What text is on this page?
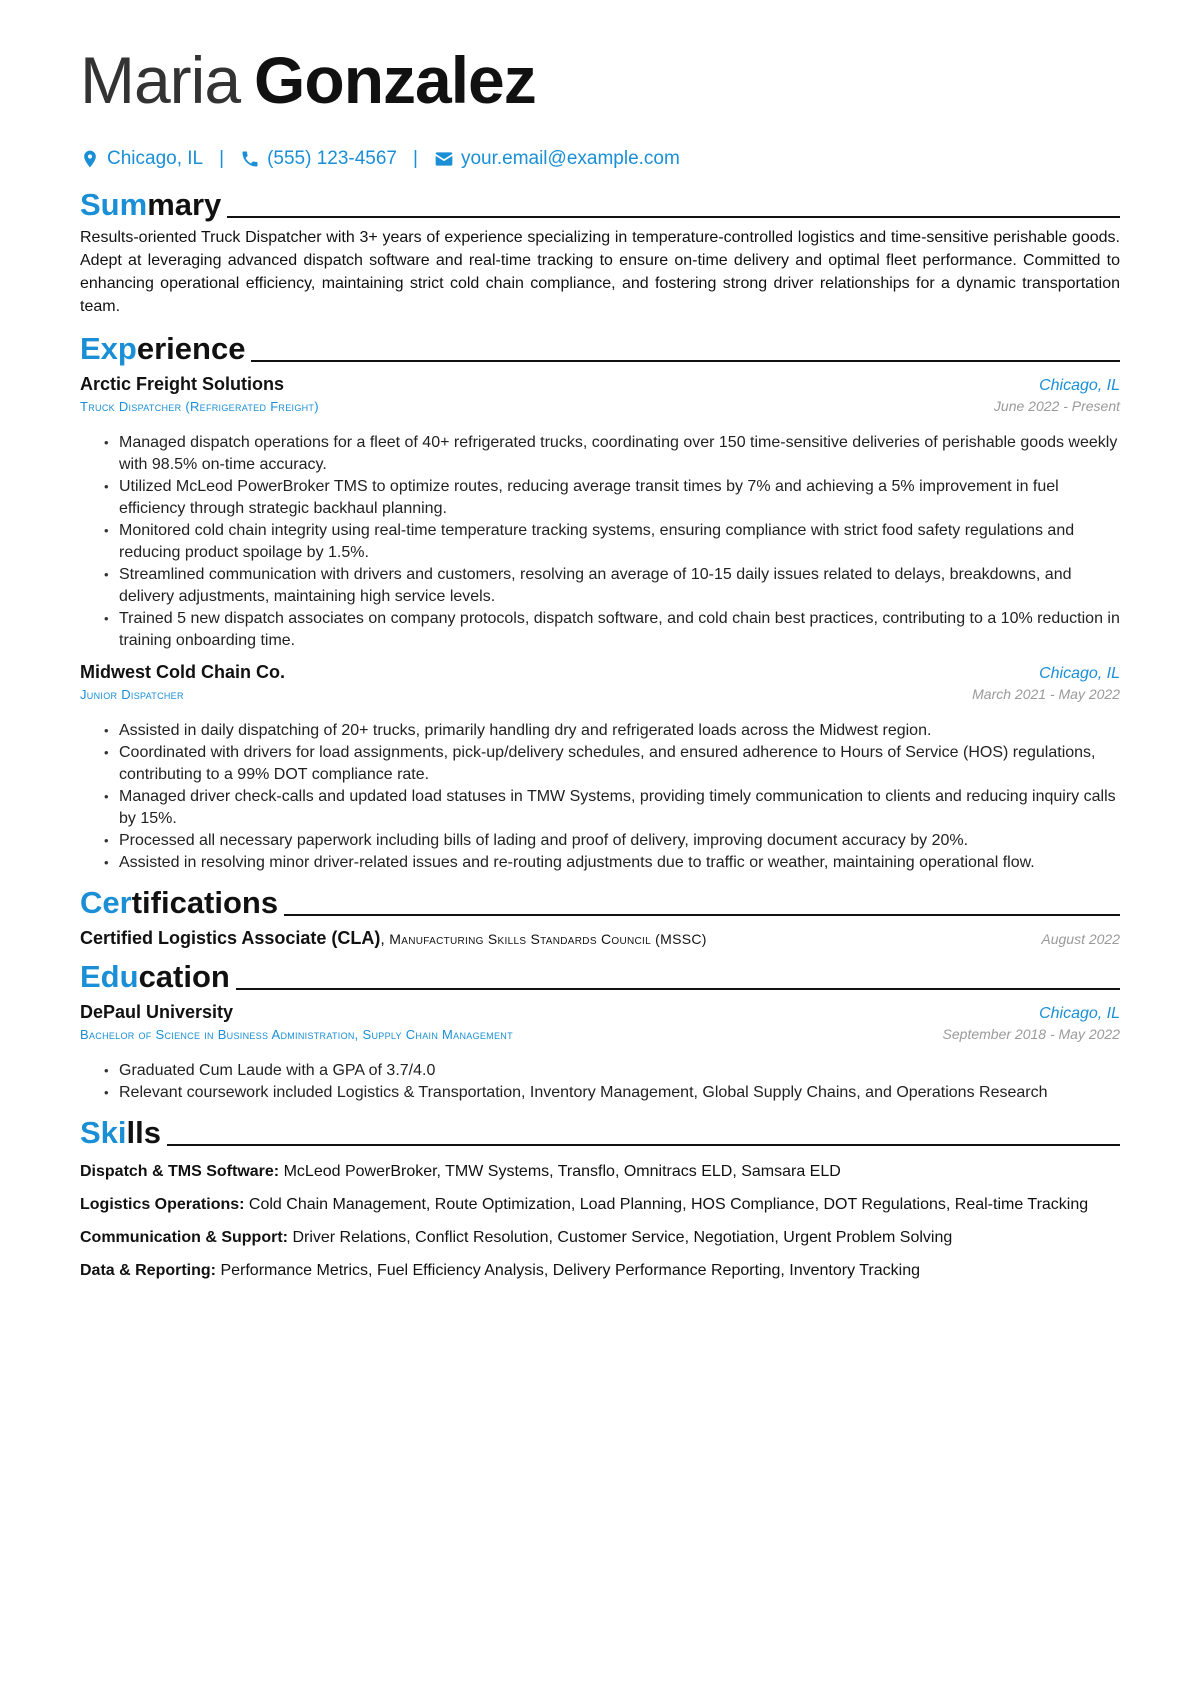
Maria Gonzalez
Chicago, IL | (555) 123-4567 | your.email@example.com
Summary
Results-oriented Truck Dispatcher with 3+ years of experience specializing in temperature-controlled logistics and time-sensitive perishable goods. Adept at leveraging advanced dispatch software and real-time tracking to ensure on-time delivery and optimal fleet performance. Committed to enhancing operational efficiency, maintaining strict cold chain compliance, and fostering strong driver relationships for a dynamic transportation team.
Experience
Arctic Freight Solutions	Chicago, IL
Truck Dispatcher (Refrigerated Freight)	June 2022 - Present
• Managed dispatch operations for a fleet of 40+ refrigerated trucks, coordinating over 150 time-sensitive deliveries of perishable goods weekly with 98.5% on-time accuracy.
• Utilized McLeod PowerBroker TMS to optimize routes, reducing average transit times by 7% and achieving a 5% improvement in fuel efficiency through strategic backhaul planning.
• Monitored cold chain integrity using real-time temperature tracking systems, ensuring compliance with strict food safety regulations and reducing product spoilage by 1.5%.
• Streamlined communication with drivers and customers, resolving an average of 10-15 daily issues related to delays, breakdowns, and delivery adjustments, maintaining high service levels.
• Trained 5 new dispatch associates on company protocols, dispatch software, and cold chain best practices, contributing to a 10% reduction in training onboarding time.
Midwest Cold Chain Co.	Chicago, IL
Junior Dispatcher	March 2021 - May 2022
• Assisted in daily dispatching of 20+ trucks, primarily handling dry and refrigerated loads across the Midwest region.
• Coordinated with drivers for load assignments, pick-up/delivery schedules, and ensured adherence to Hours of Service (HOS) regulations, contributing to a 99% DOT compliance rate.
• Managed driver check-calls and updated load statuses in TMW Systems, providing timely communication to clients and reducing inquiry calls by 15%.
• Processed all necessary paperwork including bills of lading and proof of delivery, improving document accuracy by 20%.
• Assisted in resolving minor driver-related issues and re-routing adjustments due to traffic or weather, maintaining operational flow.
Certifications
Certified Logistics Associate (CLA), Manufacturing Skills Standards Council (MSSC)	August 2022
Education
DePaul University	Chicago, IL
Bachelor of Science in Business Administration, Supply Chain Management	September 2018 - May 2022
• Graduated Cum Laude with a GPA of 3.7/4.0
• Relevant coursework included Logistics & Transportation, Inventory Management, Global Supply Chains, and Operations Research
Skills
Dispatch & TMS Software: McLeod PowerBroker, TMW Systems, Transflo, Omnitracs ELD, Samsara ELD
Logistics Operations: Cold Chain Management, Route Optimization, Load Planning, HOS Compliance, DOT Regulations, Real-time Tracking
Communication & Support: Driver Relations, Conflict Resolution, Customer Service, Negotiation, Urgent Problem Solving
Data & Reporting: Performance Metrics, Fuel Efficiency Analysis, Delivery Performance Reporting, Inventory Tracking
